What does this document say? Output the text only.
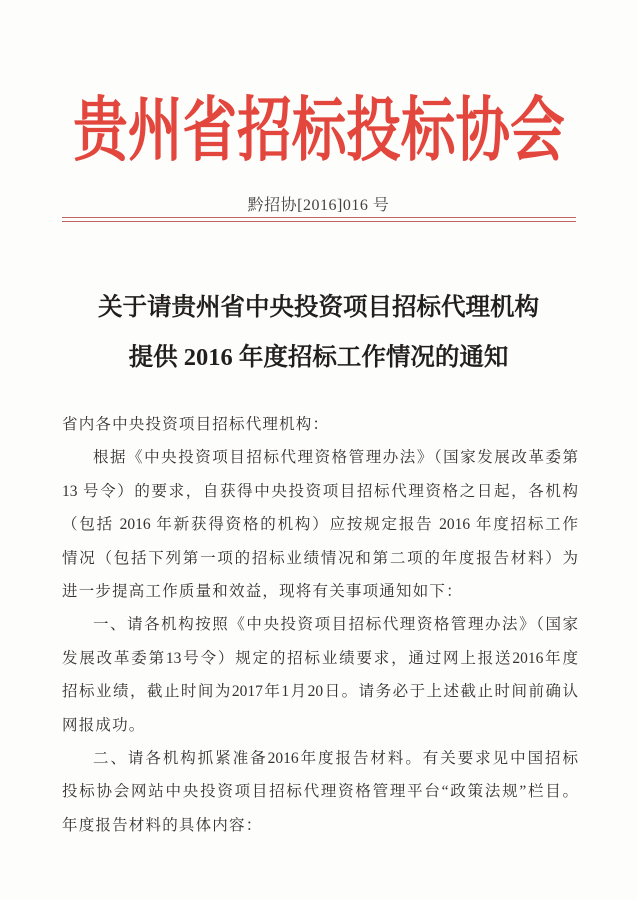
贵州省招标投标协会
黔招协[2016]016 号
关于请贵州省中央投资项目招标代理机构
提供 2016 年度招标工作情况的通知
省内各中央投资项目招标代理机构：
根据《中央投资项目招标代理资格管理办法》（国家发展改革委第
13 号令）的要求，自获得中央投资项目招标代理资格之日起，各机构
（包括 2016 年新获得资格的机构）应按规定报告 2016 年度招标工作
情况（包括下列第一项的招标业绩情况和第二项的年度报告材料）为
进一步提高工作质量和效益，现将有关事项通知如下：
一、请各机构按照《中央投资项目招标代理资格管理办法》（国家
发展改革委第13号令）规定的招标业绩要求，通过网上报送2016年度
招标业绩，截止时间为2017年1月20日。请务必于上述截止时间前确认
网报成功。
二、请各机构抓紧准备2016年度报告材料。有关要求见中国招标
投标协会网站中央投资项目招标代理资格管理平台“政策法规”栏目。
年度报告材料的具体内容：
